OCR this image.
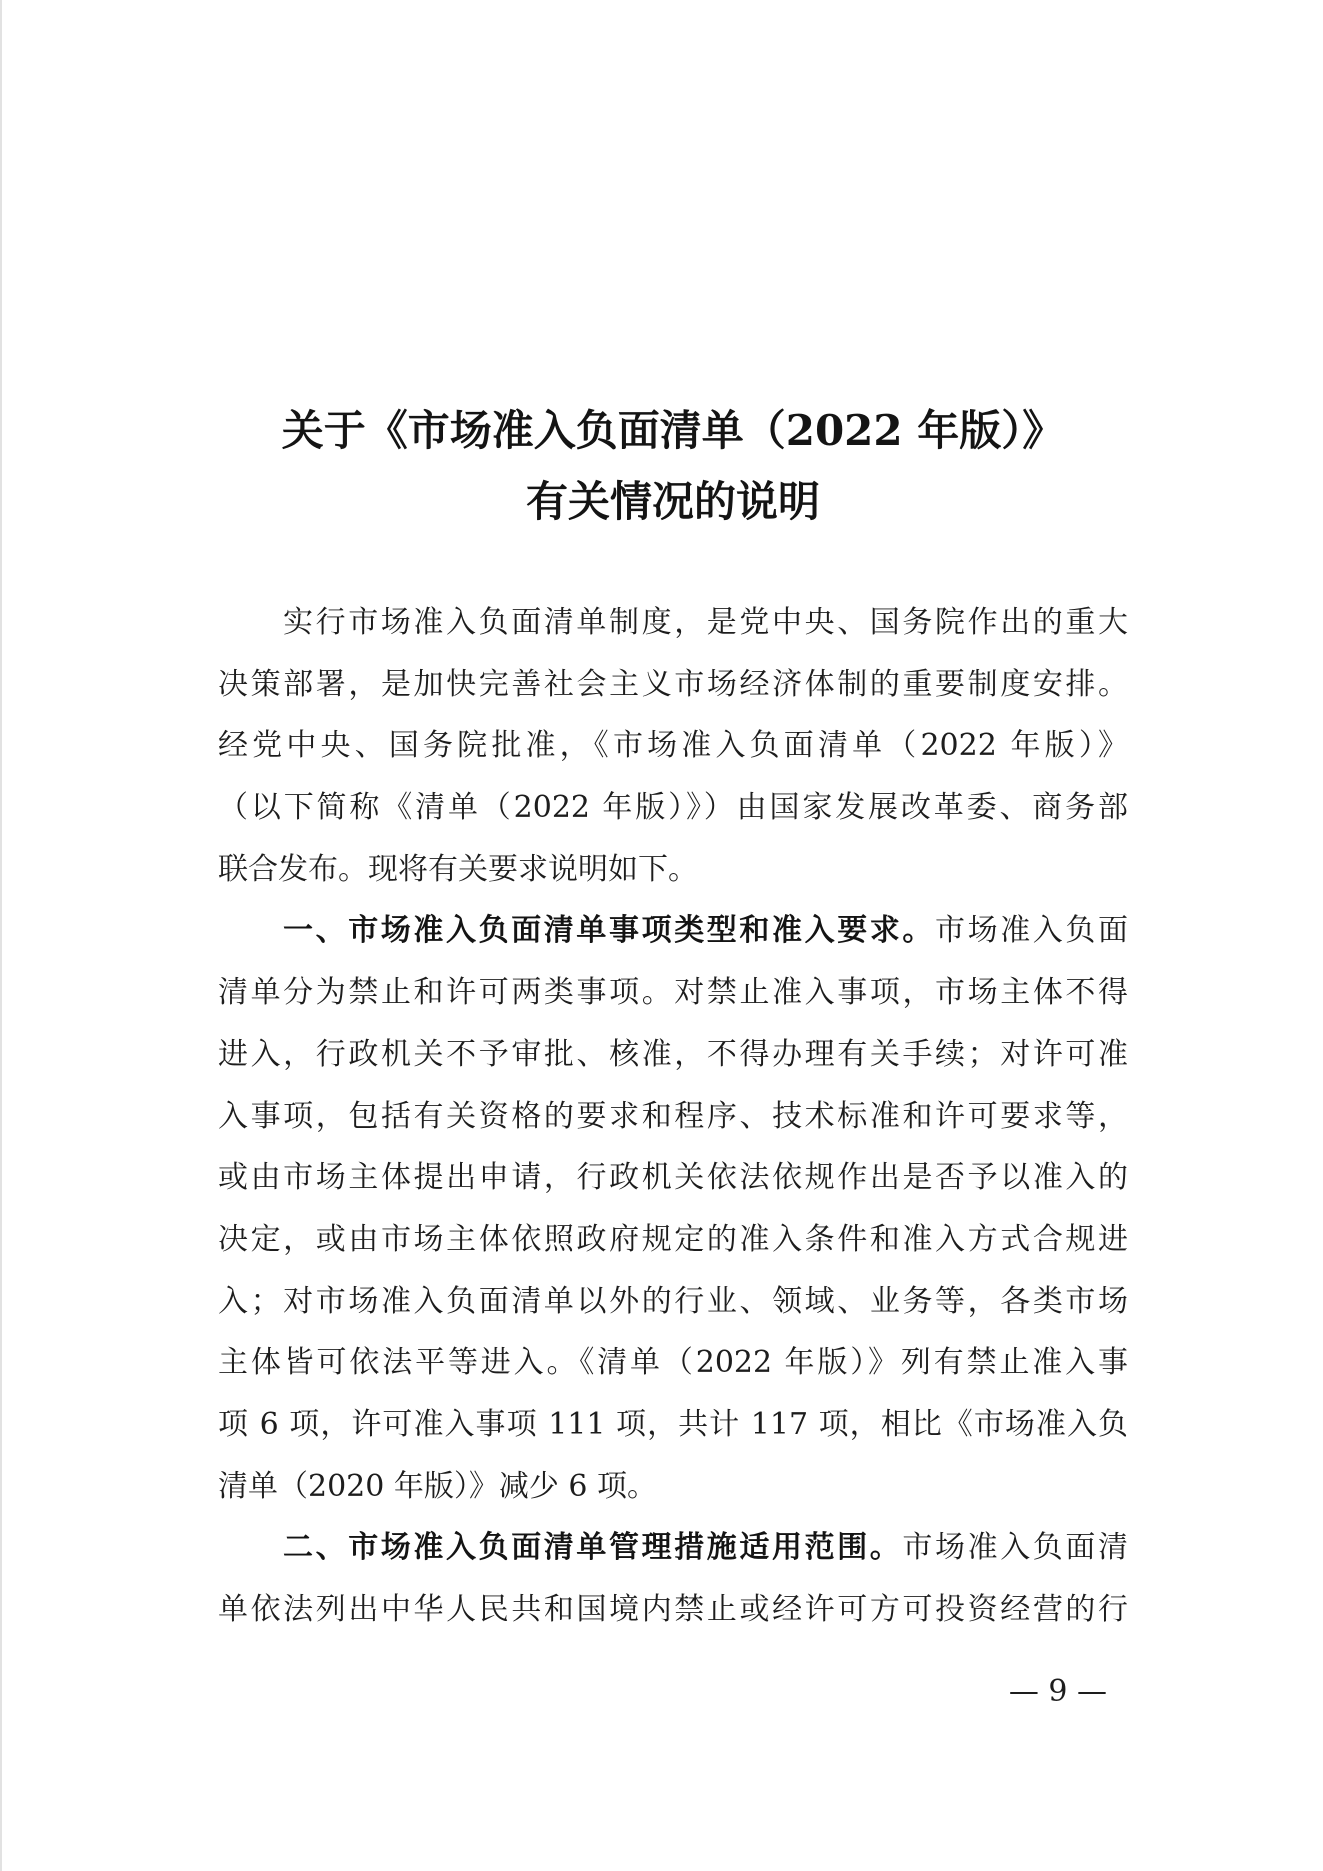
关于《市场准入负面清单（2022 年版）》
有关情况的说明
实行市场准入负面清单制度，是党中央、国务院作出的重大
决策部署，是加快完善社会主义市场经济体制的重要制度安排。
经党中央、国务院批准，《市场准入负面清单（2022 年版）》
（以下简称《清单（2022 年版）》）由国家发展改革委、商务部
联合发布。现将有关要求说明如下。
一、市场准入负面清单事项类型和准入要求。市场准入负面
清单分为禁止和许可两类事项。对禁止准入事项，市场主体不得
进入，行政机关不予审批、核准，不得办理有关手续；对许可准
入事项，包括有关资格的要求和程序、技术标准和许可要求等，
或由市场主体提出申请，行政机关依法依规作出是否予以准入的
决定，或由市场主体依照政府规定的准入条件和准入方式合规进
入；对市场准入负面清单以外的行业、领域、业务等，各类市场
主体皆可依法平等进入。《清单（2022 年版）》列有禁止准入事
项 6 项，许可准入事项 111 项，共计 117 项，相比《市场准入负
清单（2020 年版）》减少 6 项。
二、市场准入负面清单管理措施适用范围。市场准入负面清
单依法列出中华人民共和国境内禁止或经许可方可投资经营的行
— 9 —
